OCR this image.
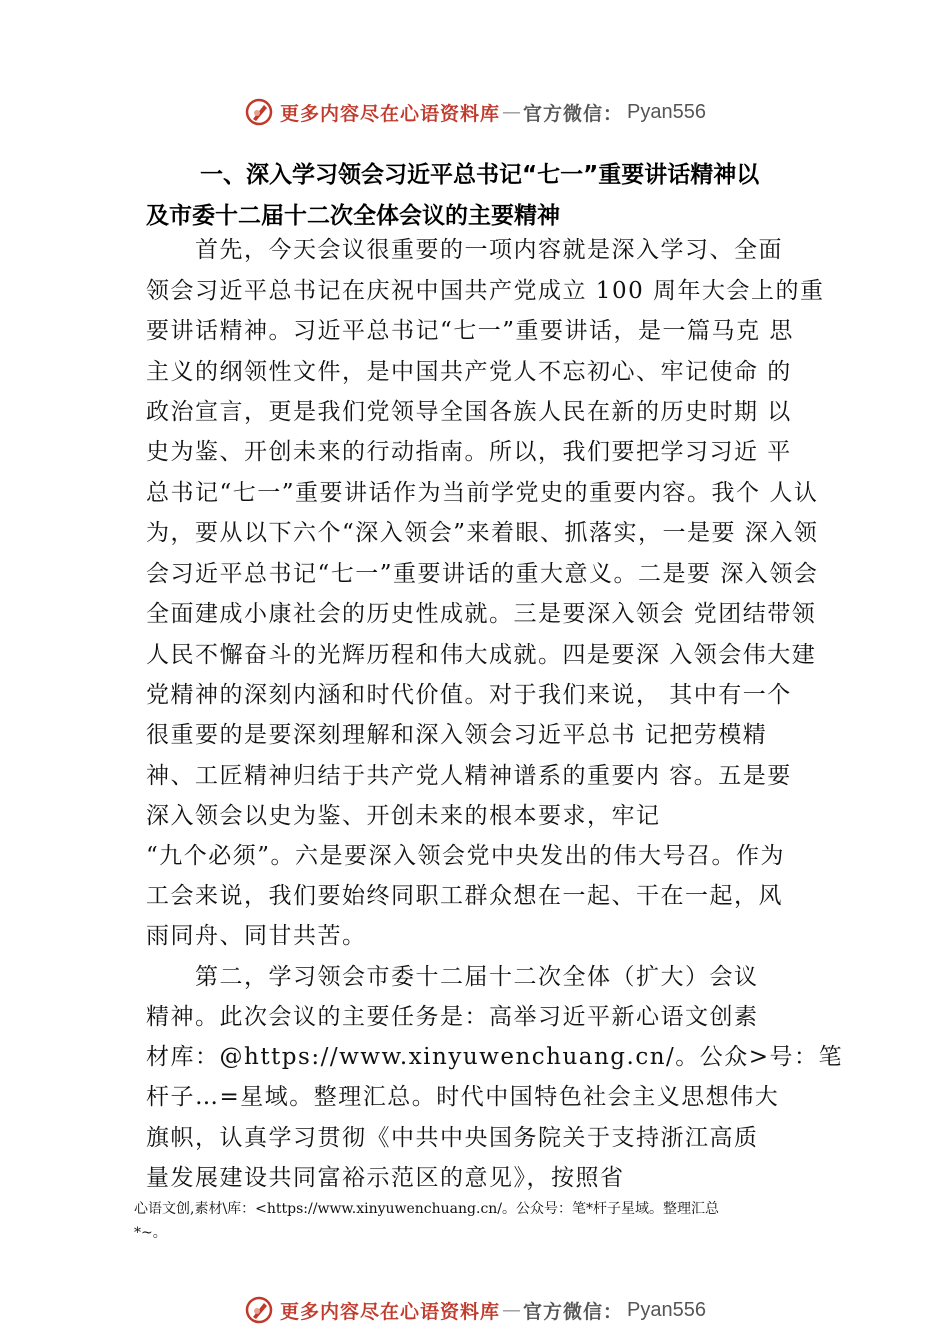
更多内容尽在心语资料库 — 官方微信： Pyan556
一、深入学习领会习近平总书记“七一”重要讲话精神以
及市委十二届十二次全体会议的主要精神
　　首先，今天会议很重要的一项内容就是深入学习、全面
领会习近平总书记在庆祝中国共产党成立 100 周年大会上的重
要讲话精神。习近平总书记“七一”重要讲话，是一篇马克 思
主义的纲领性文件，是中国共产党人不忘初心、牢记使命 的
政治宣言，更是我们党领导全国各族人民在新的历史时期 以
史为鉴、开创未来的行动指南。所以，我们要把学习习近 平
总书记“七一”重要讲话作为当前学党史的重要内容。我个 人认
为，要从以下六个“深入领会”来着眼、抓落实，一是要 深入领
会习近平总书记“七一”重要讲话的重大意义。二是要 深入领会
全面建成小康社会的历史性成就。三是要深入领会 党团结带领
人民不懈奋斗的光辉历程和伟大成就。四是要深 入领会伟大建
党精神的深刻内涵和时代价值。对于我们来说， 其中有一个
很重要的是要深刻理解和深入领会习近平总书 记把劳模精
神、工匠精神归结于共产党人精神谱系的重要内 容。五是要
深入领会以史为鉴、开创未来的根本要求，牢记
“九个必须”。六是要深入领会党中央发出的伟大号召。作为
工会来说，我们要始终同职工群众想在一起、干在一起，风
雨同舟、同甘共苦。
　　第二，学习领会市委十二届十二次全体（扩大）会议
精神。此次会议的主要任务是：高举习近平新心语文创素
材库：@https://www.xinyuwenchuang.cn/。公众>号：笔
杆子…=星域。整理汇总。时代中国特色社会主义思想伟大
旗帜，认真学习贯彻《中共中央国务院关于支持浙江高质
量发展建设共同富裕示范区的意见》，按照省
心语文创,素材\库：<https://www.xinyuwenchuang.cn/。公众号：笔*杆子星域。整理汇总
*~。
更多内容尽在心语资料库 — 官方微信： Pyan556
